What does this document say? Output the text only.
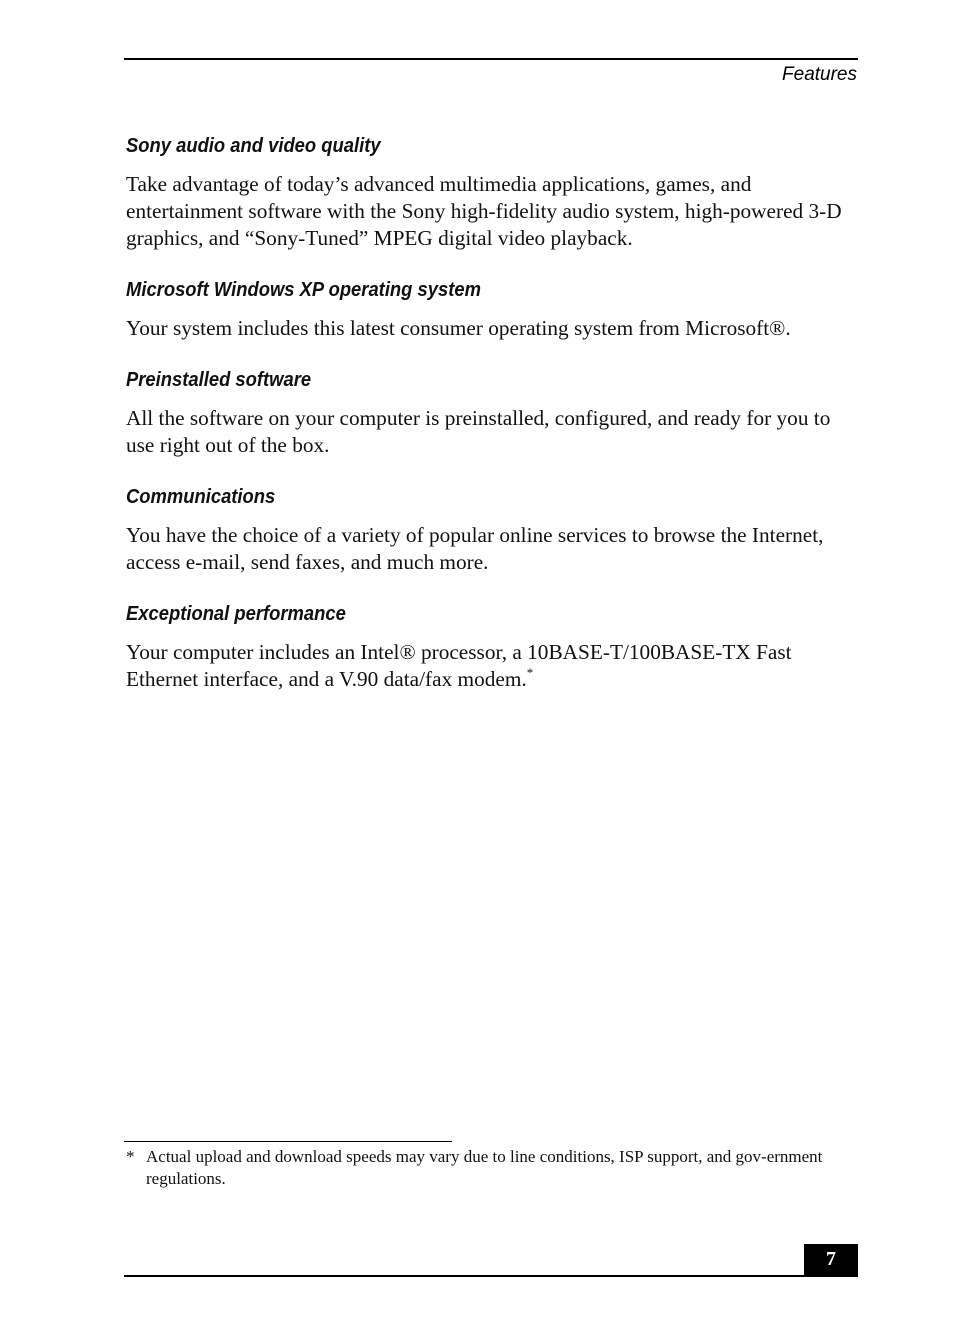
Features
Sony audio and video quality

Take advantage of today’s advanced multimedia applications, games, and entertainment software with the Sony high-fidelity audio system, high-powered 3-D graphics, and “Sony-Tuned” MPEG digital video playback.

Microsoft Windows XP operating system

Your system includes this latest consumer operating system from Microsoft®.

Preinstalled software

All the software on your computer is preinstalled, configured, and ready for you to use right out of the box.

Communications

You have the choice of a variety of popular online services to browse the Internet, access e-mail, send faxes, and much more.

Exceptional performance

Your computer includes an Intel® processor, a 10BASE-T/100BASE-TX Fast Ethernet interface, and a V.90 data/fax modem.*

* Actual upload and download speeds may vary due to line conditions, ISP support, and gov-ernment regulations.
7
